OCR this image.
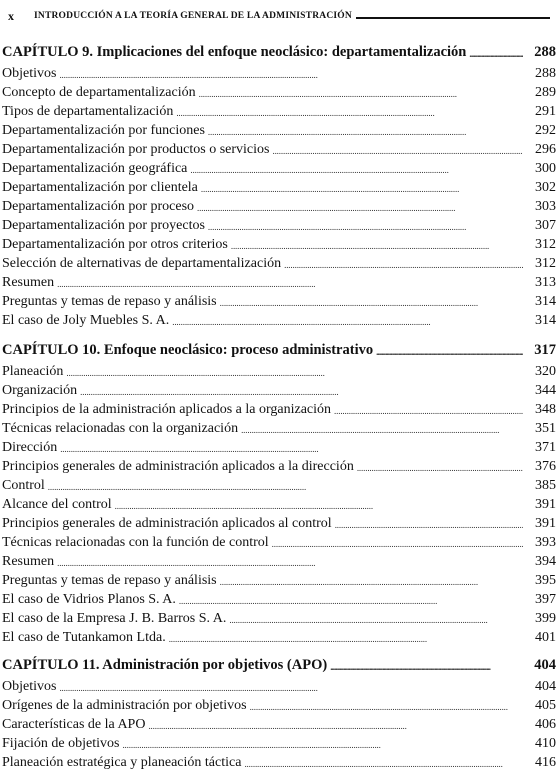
x	INTRODUCCIÓN A LA TEORÍA GENERAL DE LA ADMINISTRACIÓN
CAPÍTULO 9. Implicaciones del enfoque neoclásico: departamentalización . . .	288
Objetivos . . .	288
Concepto de departamentalización . . .	289
Tipos de departamentalización . . .	291
Departamentalización por funciones . . .	292
Departamentalización por productos o servicios . . .	296
Departamentalización geográfica . . .	300
Departamentalización por clientela . . .	302
Departamentalización por proceso . . .	303
Departamentalización por proyectos . . .	307
Departamentalización por otros criterios . . .	312
Selección de alternativas de departamentalización . . .	312
Resumen . . .	313
Preguntas y temas de repaso y análisis . . .	314
El caso de Joly Muebles S. A. . . .	314
CAPÍTULO 10. Enfoque neoclásico: proceso administrativo . . .	317
Planeación . . .	320
Organización . . .	344
Principios de la administración aplicados a la organización . . .	348
Técnicas relacionadas con la organización . . .	351
Dirección . . .	371
Principios generales de administración aplicados a la dirección . . .	376
Control . . .	385
Alcance del control . . .	391
Principios generales de administración aplicados al control . . .	391
Técnicas relacionadas con la función de control . . .	393
Resumen . . .	394
Preguntas y temas de repaso y análisis . . .	395
El caso de Vidrios Planos S. A. . . .	397
El caso de la Empresa J. B. Barros S. A. . . .	399
El caso de Tutankamon Ltda. . . .	401
CAPÍTULO 11. Administración por objetivos (APO) . . .	404
Objetivos . . .	404
Orígenes de la administración por objetivos . . .	405
Características de la APO . . .	406
Fijación de objetivos . . .	410
Planeación estratégica y planeación táctica . . .	416
